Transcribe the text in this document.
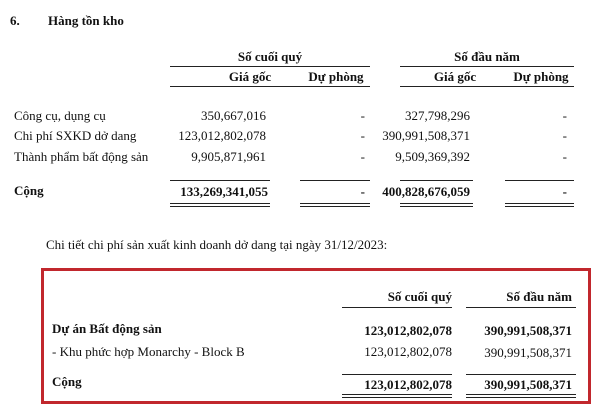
6. Hàng tồn kho
Số cuối quý
Giá gốc	Dự phòng
Số đầu năm
Giá gốc	Dự phòng
Công cụ, dụng cụ	350,667,016	-	327,798,296	-
Chi phí SXKD dở dang	123,012,802,078	-	390,991,508,371	-
Thành phẩm bất động sản	9,905,871,961	-	9,509,369,392	-
Cộng	133,269,341,055	-	400,828,676,059	-
Chi tiết chi phí sản xuất kinh doanh dở dang tại ngày 31/12/2023:
Số cuối quý	Số đầu năm
Dự án Bất động sản	123,012,802,078	390,991,508,371
- Khu phức hợp Monarchy - Block B	123,012,802,078	390,991,508,371
Cộng	123,012,802,078	390,991,508,371
